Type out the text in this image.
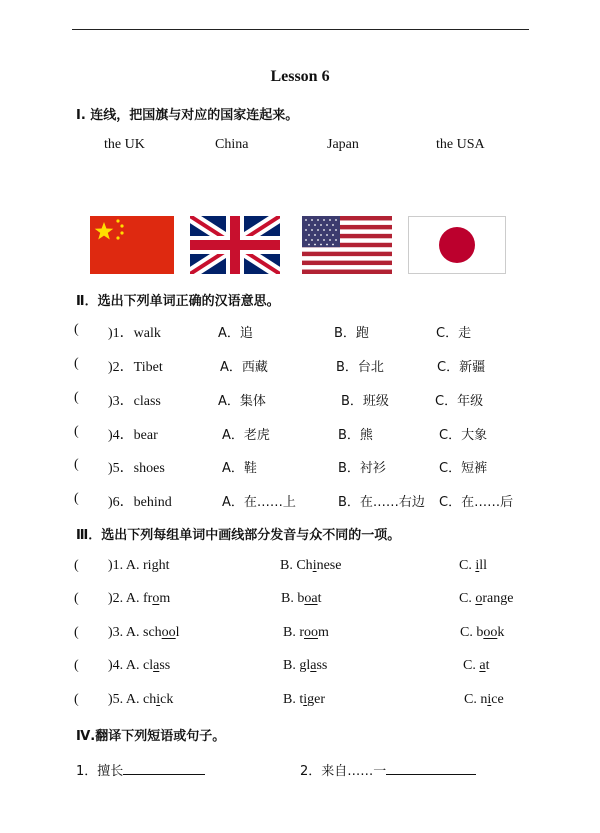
Lesson 6
Ⅰ. 连线，把国旗与对应的国家连起来。
the UK	China	Japan	the USA
Ⅱ．选出下列单词正确的汉语意思。
( )1．walk	A．追	B．跑	C．走
( )2．Tibet	A．西藏	B．台北	C．新疆
( )3．class	A．集体	B．班级	C．年级
( )4．bear	A．老虎	B．熊	C．大象
( )5．shoes	A．鞋	B．衬衫	C．短裤
( )6．behind	A．在……上	B．在……右边 C．在……后
Ⅲ．选出下列每组单词中画线部分发音与众不同的一项。
( )1. A. right	B. Chinese	C. ill
( )2. A. from	B. boat	C. orange
( )3. A. school	B. room	C. book
( )4. A. class	B. glass	C. at
( )5. A. chick	B. tiger	C. nice
Ⅳ.翻译下列短语或句子。
1．擅长	2．来自……一
